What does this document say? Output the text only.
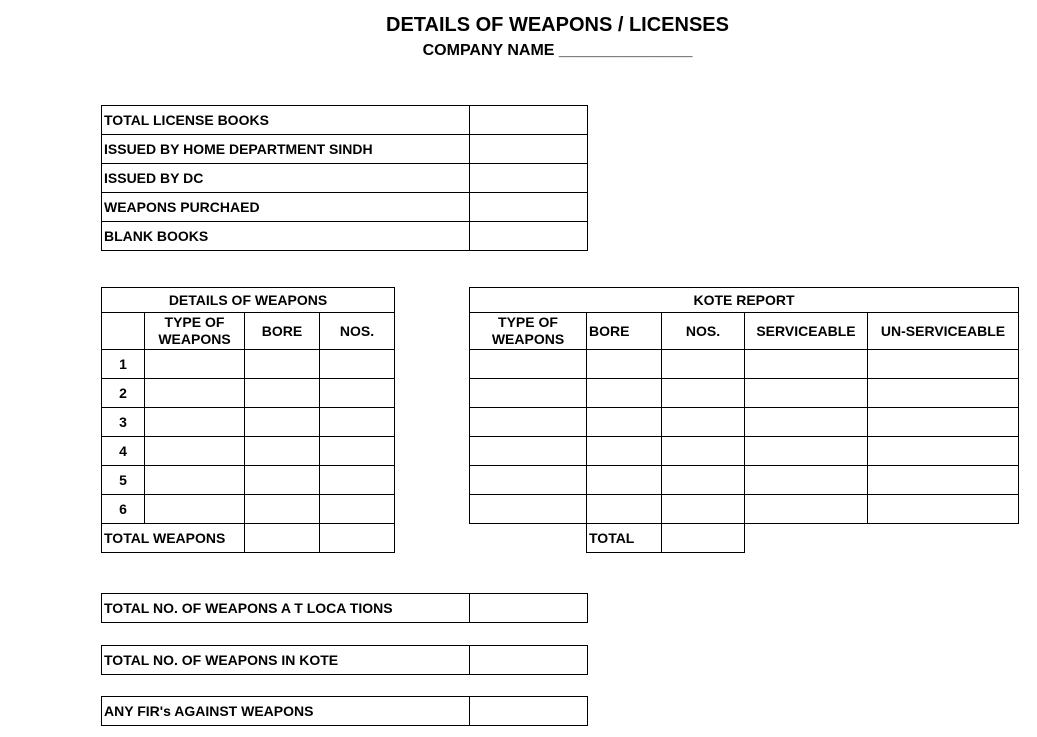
DETAILS OF WEAPONS / LICENSES
COMPANY NAME _______________
TOTAL LICENSE BOOKS	
ISSUED BY HOME DEPARTMENT SINDH	
ISSUED BY DC	
WEAPONS PURCHAED	
BLANK BOOKS	
DETAILS OF WEAPONS			
	TYPE OF WEAPONS	BORE	NOS.
1			
2			
3			
4			
5			
6			
TOTAL WEAPONS			
KOTE REPORT				
TYPE OF WEAPONS	BORE	NOS.	SERVICEABLE	UN-SERVICEABLE

	TOTAL			
TOTAL NO. OF WEAPONS A T LOCA TIONS	
TOTAL NO. OF WEAPONS IN KOTE	
ANY FIR's AGAINST WEAPONS	
